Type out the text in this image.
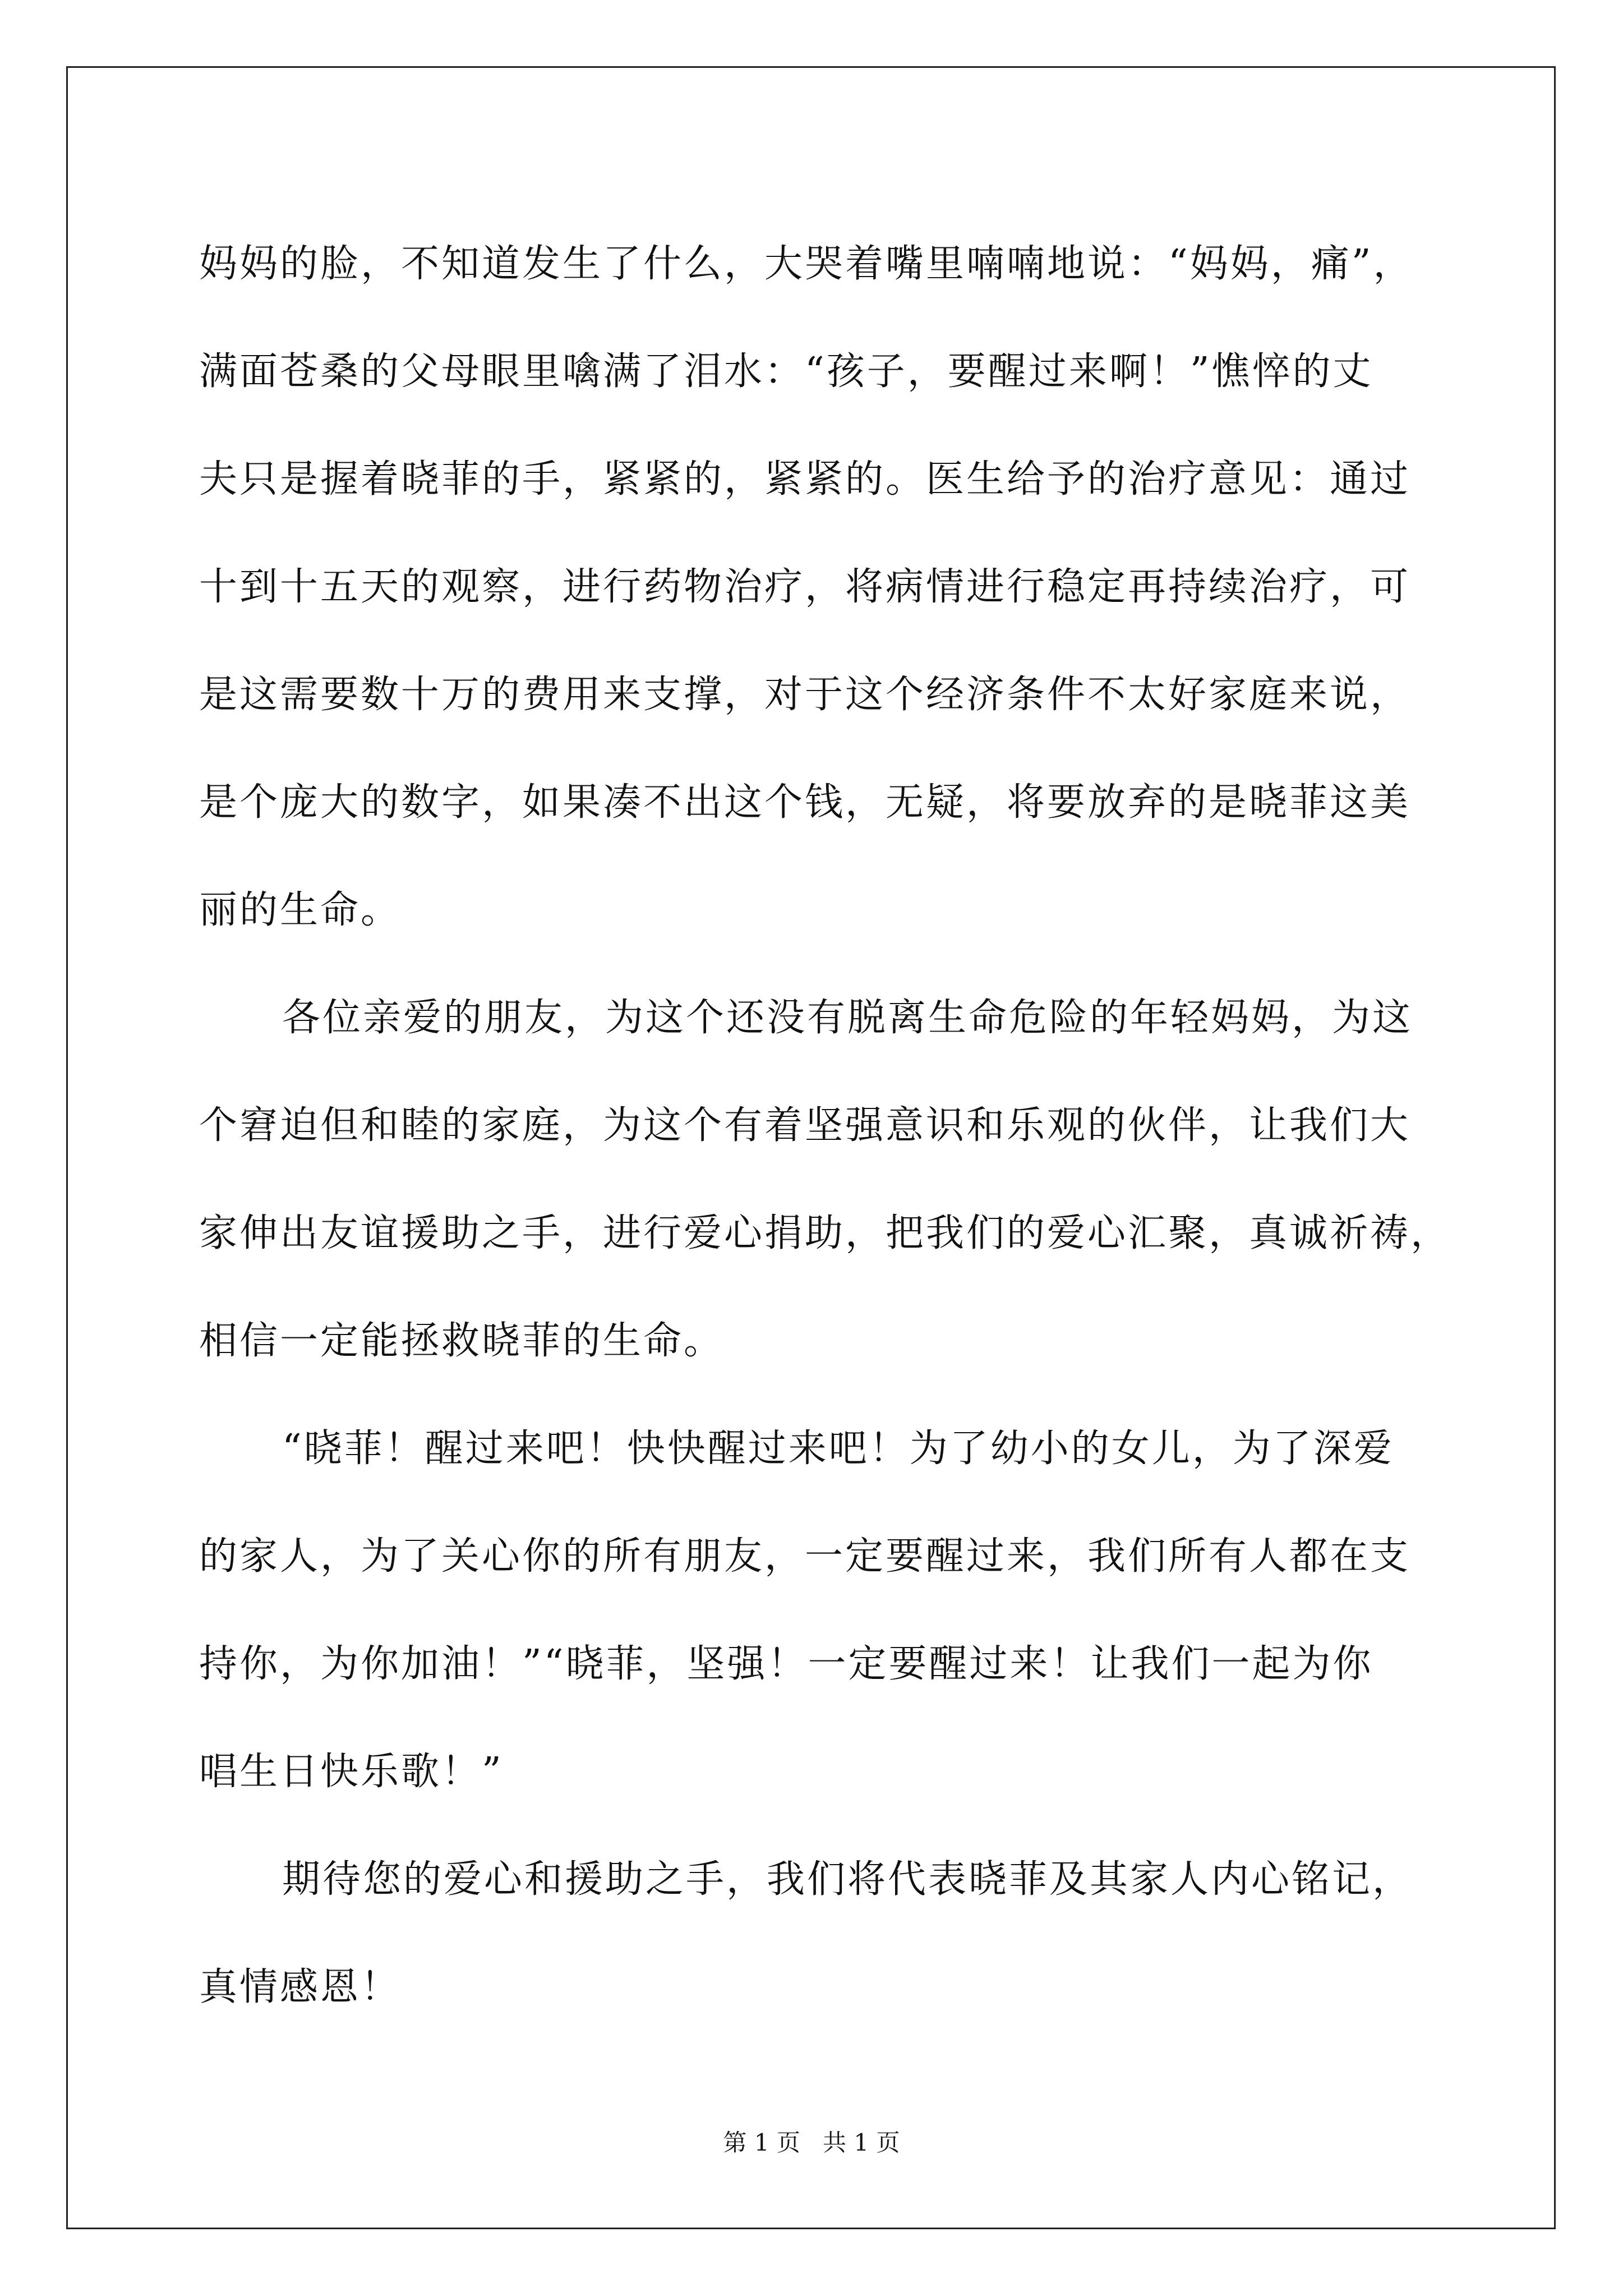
妈妈的脸，不知道发生了什么，大哭着嘴里喃喃地说：“妈妈，痛”，
满面苍桑的父母眼里噙满了泪水：“孩子，要醒过来啊！”憔悴的丈
夫只是握着晓菲的手，紧紧的，紧紧的。医生给予的治疗意见：通过
十到十五天的观察，进行药物治疗，将病情进行稳定再持续治疗，可
是这需要数十万的费用来支撑，对于这个经济条件不太好家庭来说，
是个庞大的数字，如果凑不出这个钱，无疑，将要放弃的是晓菲这美
丽的生命。
各位亲爱的朋友，为这个还没有脱离生命危险的年轻妈妈，为这
个窘迫但和睦的家庭，为这个有着坚强意识和乐观的伙伴，让我们大
家伸出友谊援助之手，进行爱心捐助，把我们的爱心汇聚，真诚祈祷，
相信一定能拯救晓菲的生命。
“晓菲！醒过来吧！快快醒过来吧！为了幼小的女儿，为了深爱
的家人，为了关心你的所有朋友，一定要醒过来，我们所有人都在支
持你，为你加油！”“晓菲，坚强！一定要醒过来！让我们一起为你
唱生日快乐歌！”
期待您的爱心和援助之手，我们将代表晓菲及其家人内心铭记，
真情感恩！
第 1 页   共 1 页
